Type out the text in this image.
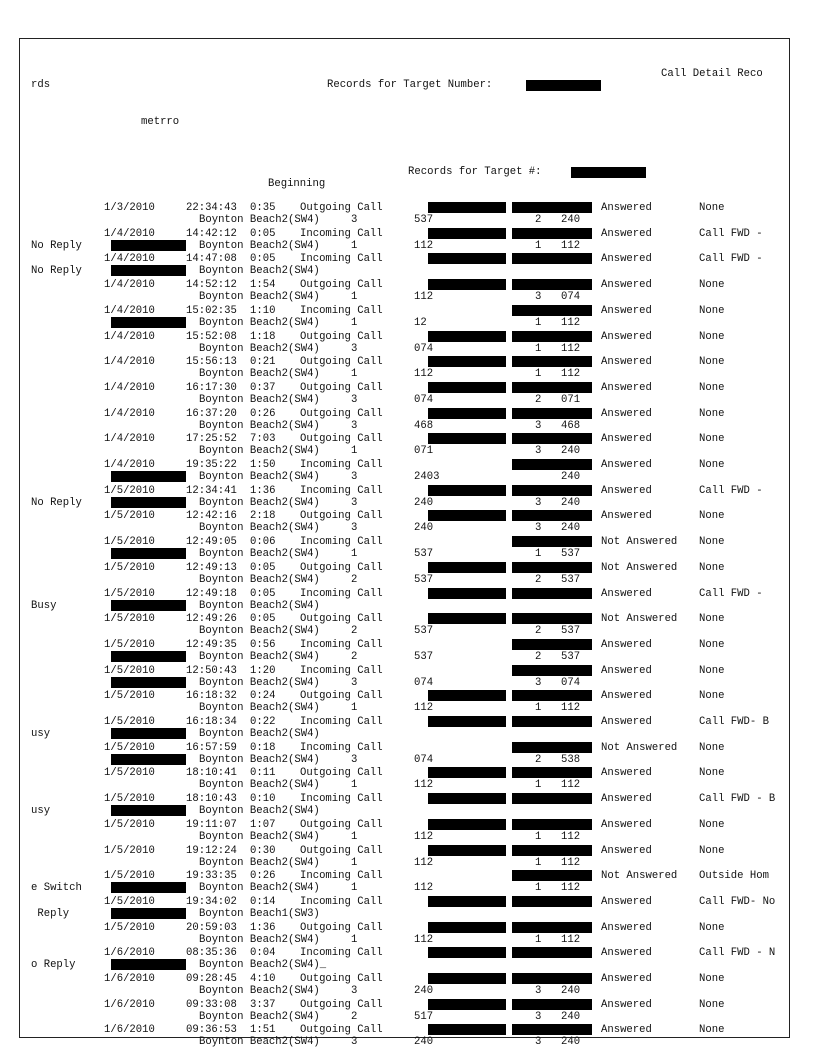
Call Detail Reco
rds	Records for Target Number:
metrro
Records for Target #:
Beginning
1/3/2010	22:34:43 0:35 Outgoing Call	Answered	None
Boynton Beach2(SW4)	3	537	2 240
1/4/2010	14:42:12 0:05 Incoming Call	Answered	Call FWD -
No Reply	Boynton Beach2(SW4)	1	112	1 112
1/4/2010	14:47:08 0:05 Incoming Call	Answered	Call FWD -
No Reply	Boynton Beach2(SW4)
1/4/2010	14:52:12 1:54 Outgoing Call	Answered	None
Boynton Beach2(SW4)	1	112	3 074
1/4/2010	15:02:35 1:10 Incoming Call	Answered	None
Boynton Beach2(SW4)	1	12	1 112
1/4/2010	15:52:08 1:18 Outgoing Call	Answered	None
Boynton Beach2(SW4)	3	074	1 112
1/4/2010	15:56:13 0:21 Outgoing Call	Answered	None
Boynton Beach2(SW4)	1	112	1 112
1/4/2010	16:17:30 0:37 Outgoing Call	Answered	None
Boynton Beach2(SW4)	3	074	2 071
1/4/2010	16:37:20 0:26 Outgoing Call	Answered	None
Boynton Beach2(SW4)	3	468	3 468
1/4/2010	17:25:52 7:03 Outgoing Call	Answered	None
Boynton Beach2(SW4)	1	071	3 240
1/4/2010	19:35:22 1:50 Incoming Call	Answered	None
Boynton Beach2(SW4)	3	2403	240
1/5/2010	12:34:41 1:36 Incoming Call	Answered	Call FWD -
No Reply	Boynton Beach2(SW4)	3	240	3 240
1/5/2010	12:42:16 2:18 Outgoing Call	Answered	None
Boynton Beach2(SW4)	3	240	3 240
1/5/2010	12:49:05 0:06 Incoming Call	Not Answered None
Boynton Beach2(SW4)	1	537	1 537
1/5/2010	12:49:13 0:05 Outgoing Call	Not Answered None
Boynton Beach2(SW4)	2	537	2 537
1/5/2010	12:49:18 0:05 Incoming Call	Answered	Call FWD -
Busy	Boynton Beach2(SW4)
1/5/2010	12:49:26 0:05 Outgoing Call	Not Answered None
Boynton Beach2(SW4)	2	537	2 537
1/5/2010	12:49:35 0:56 Incoming Call	Answered	None
Boynton Beach2(SW4)	2	537	2 537
1/5/2010	12:50:43 1:20 Incoming Call	Answered	None
Boynton Beach2(SW4)	3	074	3 074
1/5/2010	16:18:32 0:24 Outgoing Call	Answered	None
Boynton Beach2(SW4)	1	112	1 112
1/5/2010	16:18:34 0:22 Incoming Call	Answered	Call FWD- B
usy	Boynton Beach2(SW4)
1/5/2010	16:57:59 0:18 Incoming Call	Not Answered None
Boynton Beach2(SW4)	3	074	2 538
1/5/2010	18:10:41 0:11 Outgoing Call	Answered	None
Boynton Beach2(SW4)	1	112	1 112
1/5/2010	18:10:43 0:10 Incoming Call	Answered	Call FWD - B
usy	Boynton Beach2(SW4)
1/5/2010	19:11:07 1:07 Outgoing Call	Answered	None
Boynton Beach2(SW4)	1	112	1 112
1/5/2010	19:12:24 0:30 Outgoing Call	Answered	None
Boynton Beach2(SW4)	1	112	1 112
1/5/2010	19:33:35 0:26 Incoming Call	Not Answered Outside Hom
e Switch	Boynton Beach2(SW4)	1	112	1 112
1/5/2010	19:34:02 0:14 Incoming Call	Answered	Call FWD- No
Reply	Boynton Beach1(SW3)
1/5/2010	20:59:03 1:36 Outgoing Call	Answered	None
Boynton Beach2(SW4)	1	112	1 112
1/6/2010	08:35:36 0:04 Incoming Call	Answered	Call FWD - N
o Reply	Boynton Beach2(SW4)_
1/6/2010	09:28:45 4:10 Outgoing Call	Answered	None
Boynton Beach2(SW4)	3	240	3 240
1/6/2010	09:33:08 3:37 Outgoing Call	Answered	None
Boynton Beach2(SW4)	2	517	3 240
1/6/2010	09:36:53 1:51 Outgoing Call	Answered	None
Boynton Beach2(SW4)	3	240	3 240
